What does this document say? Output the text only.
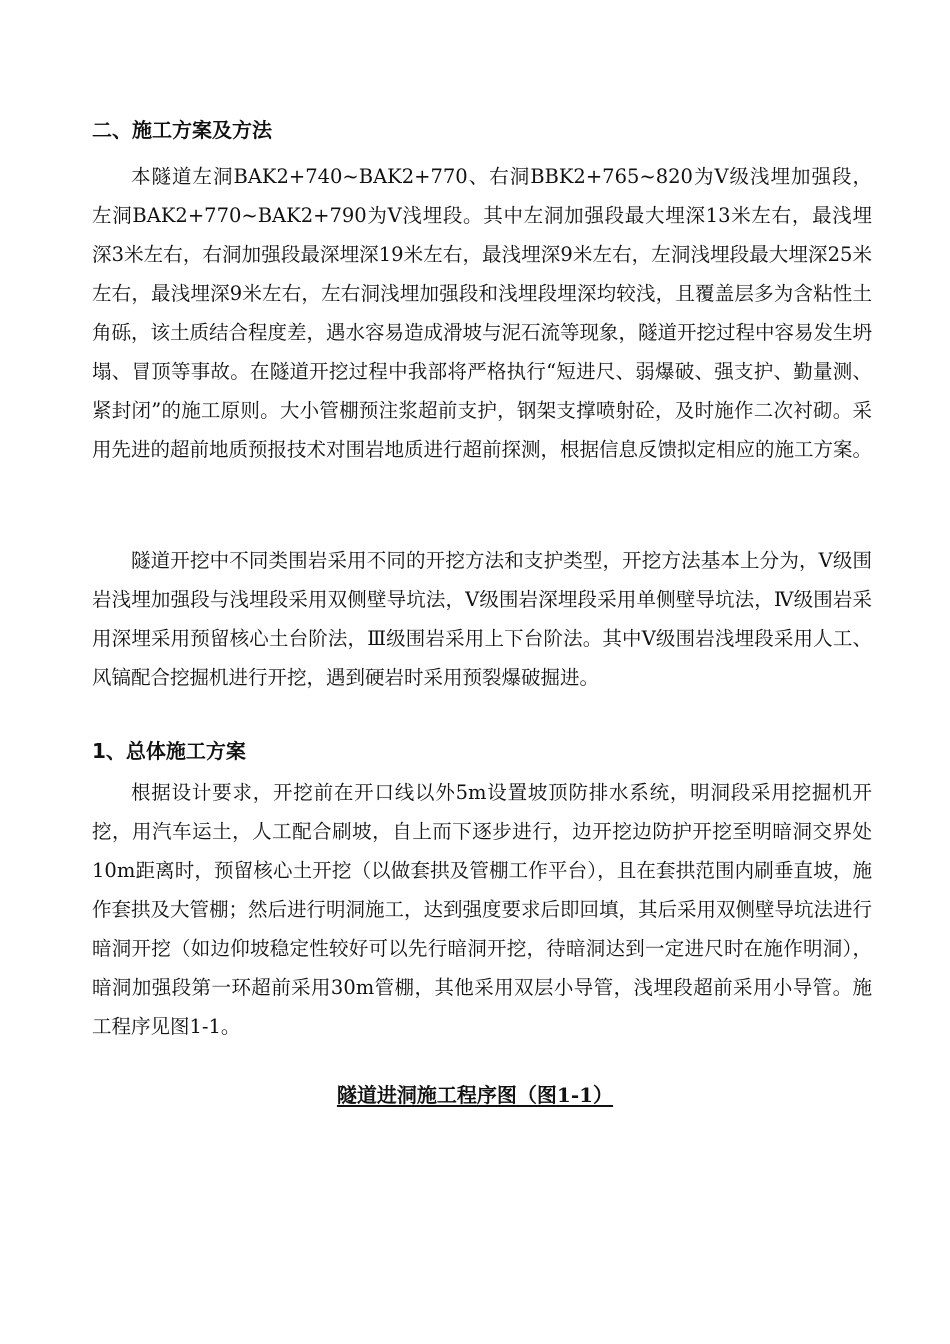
二、施工方案及方法

本隧道左洞BAK2+740~BAK2+770、右洞BBK2+765~820为Ⅴ级浅埋加强段，左洞BAK2+770~BAK2+790为Ⅴ浅埋段。其中左洞加强段最大埋深13米左右，最浅埋深3米左右，右洞加强段最深埋深19米左右，最浅埋深9米左右，左洞浅埋段最大埋深25米左右，最浅埋深9米左右，左右洞浅埋加强段和浅埋段埋深均较浅，且覆盖层多为含粘性土角砾，该土质结合程度差，遇水容易造成滑坡与泥石流等现象，隧道开挖过程中容易发生坍塌、冒顶等事故。在隧道开挖过程中我部将严格执行“短进尺、弱爆破、强支护、勤量测、紧封闭”的施工原则。大小管棚预注浆超前支护，钢架支撑喷射砼，及时施作二次衬砌。采用先进的超前地质预报技术对围岩地质进行超前探测，根据信息反馈拟定相应的施工方案。

隧道开挖中不同类围岩采用不同的开挖方法和支护类型，开挖方法基本上分为，Ⅴ级围岩浅埋加强段与浅埋段采用双侧壁导坑法，Ⅴ级围岩深埋段采用单侧壁导坑法，Ⅳ级围岩采用深埋采用预留核心土台阶法，Ⅲ级围岩采用上下台阶法。其中Ⅴ级围岩浅埋段采用人工、风镐配合挖掘机进行开挖，遇到硬岩时采用预裂爆破掘进。

1、总体施工方案

根据设计要求，开挖前在开口线以外5m设置坡顶防排水系统，明洞段采用挖掘机开挖，用汽车运土，人工配合刷坡，自上而下逐步进行，边开挖边防护开挖至明暗洞交界处10m距离时，预留核心土开挖（以做套拱及管棚工作平台），且在套拱范围内刷垂直坡，施作套拱及大管棚；然后进行明洞施工，达到强度要求后即回填，其后采用双侧壁导坑法进行暗洞开挖（如边仰坡稳定性较好可以先行暗洞开挖，待暗洞达到一定进尺时在施作明洞），暗洞加强段第一环超前采用30m管棚，其他采用双层小导管，浅埋段超前采用小导管。施工程序见图1-1。

隧道进洞施工程序图（图1-1）
